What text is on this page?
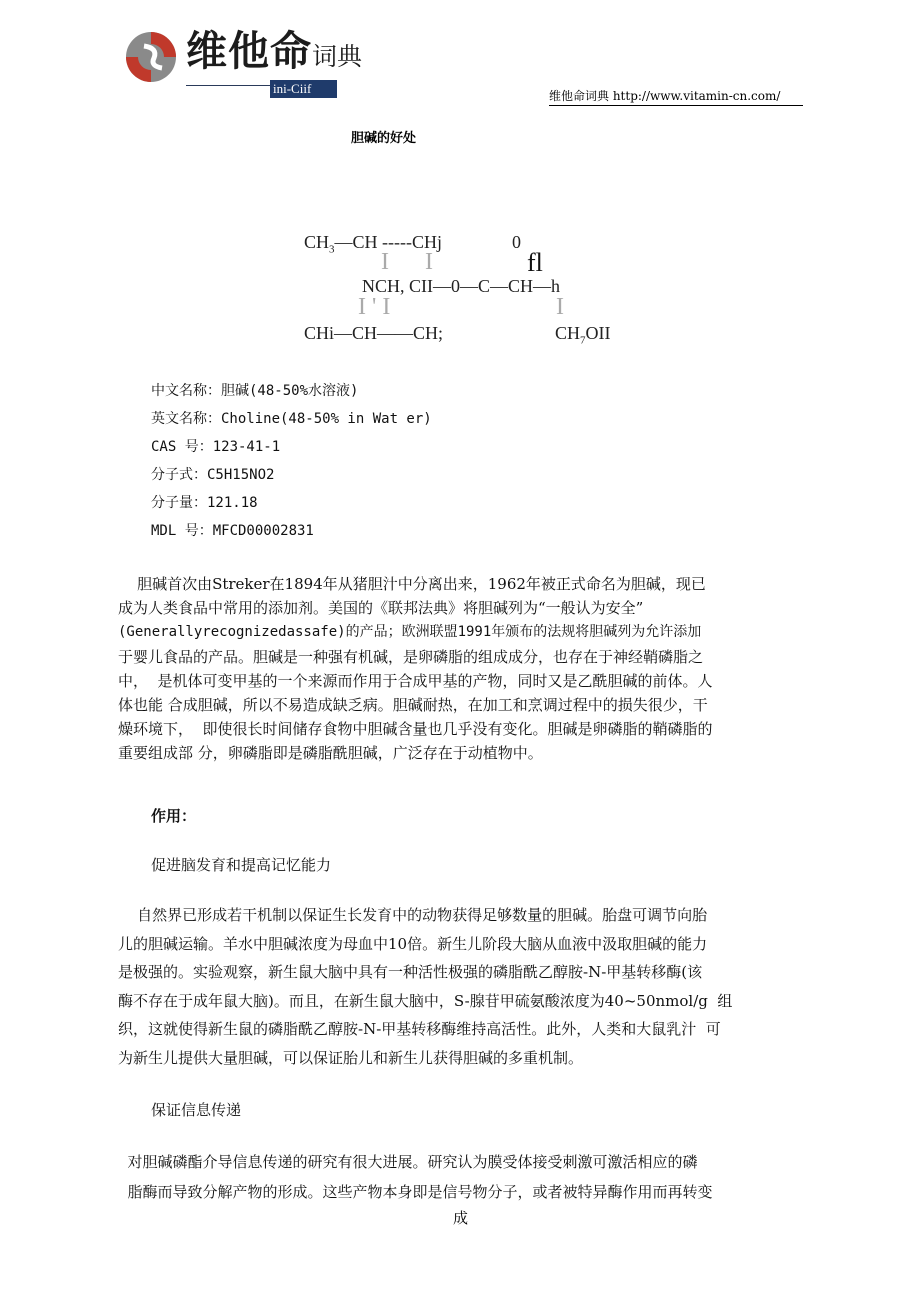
维他命词典
ini-Ciif	维他命词典 http://www.vitamin-cn.com/
胆碱的好处
$CH_3—CH$ -----CHj	0
I      I	fl
NCH, CII—0—C—CH—h
I ' I	I
CHi—CH——CH;	$CH_7OII$
中文名称：胆碱(48-50%水溶液)
英文名称：Choline(48-50% in Wat er)
CAS 号：123-41-1
分子式：C5H15NO2
分子量：121.18
MDL 号：MFCD00002831
胆碱首次由Streker在1894年从猪胆汁中分离出来，1962年被正式命名为胆碱，现已
成为人类食品中常用的添加剂。美国的《联邦法典》将胆碱列为“一般认为安全”
(Generallyrecognizedassafe)的产品；欧洲联盟1991年颁布的法规将胆碱列为允许添加
于婴儿食品的产品。胆碱是一种强有机碱，是卵磷脂的组成成分，也存在于神经鞘磷脂之
中，  是机体可变甲基的一个来源而作用于合成甲基的产物，同时又是乙酰胆碱的前体。人
体也能 合成胆碱，所以不易造成缺乏病。胆碱耐热，在加工和烹调过程中的损失很少，干
燥环境下，  即使很长时间储存食物中胆碱含量也几乎没有变化。胆碱是卵磷脂的鞘磷脂的
重要组成部 分，卵磷脂即是磷脂酰胆碱，广泛存在于动植物中。
作用：
促进脑发育和提高记忆能力
自然界已形成若干机制以保证生长发育中的动物获得足够数量的胆碱。胎盘可调节向胎
儿的胆碱运输。羊水中胆碱浓度为母血中10倍。新生儿阶段大脑从血液中汲取胆碱的能力
是极强的。实验观察，新生鼠大脑中具有一种活性极强的磷脂酰乙醇胺-N-甲基转移酶(该
酶不存在于成年鼠大脑)。而且，在新生鼠大脑中，S-腺苷甲硫氨酸浓度为40~50nmol/g  组
织，这就使得新生鼠的磷脂酰乙醇胺-N-甲基转移酶维持高活性。此外，人类和大鼠乳汁  可
为新生儿提供大量胆碱，可以保证胎儿和新生儿获得胆碱的多重机制。
保证信息传递
对胆碱磷酯介导信息传递的研究有很大进展。研究认为膜受体接受刺激可激活相应的磷
脂酶而导致分解产物的形成。这些产物本身即是信号物分子，或者被特异酶作用而再转变
成
